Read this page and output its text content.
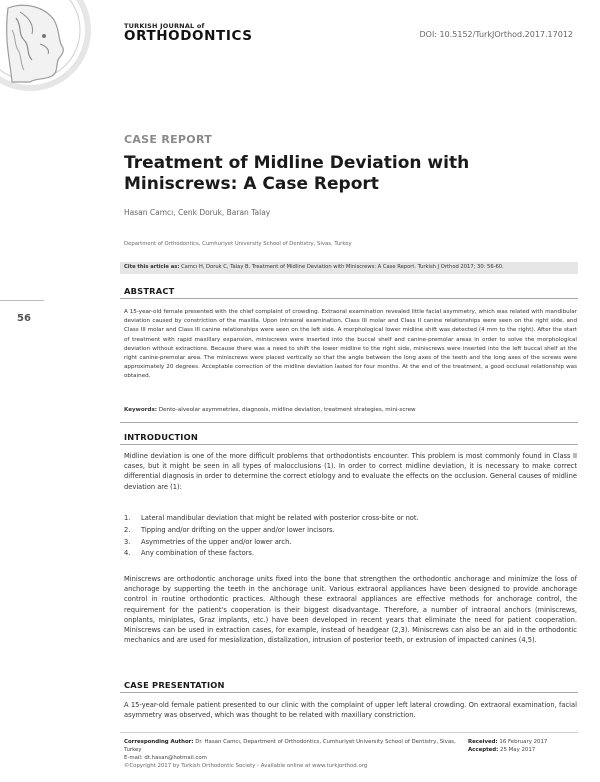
TURKISH JOURNAL of
ORTHODONTICS	DOI: 10.5152/TurkJOrthod.2017.17012
56
CASE REPORT
Treatment of Midline Deviation with Miniscrews: A Case Report
Hasan Camcı, Cenk Doruk, Baran Talay
Department of Orthodontics, Cumhuriyet University School of Dentistry, Sivas, Turkey
Cite this article as: Camcı H, Doruk C, Talay B. Treatment of Midline Deviation with Miniscrews: A Case Report. Turkish J Orthod 2017; 30: 56-60.
ABSTRACT

A 15-year-old female presented with the chief complaint of crowding. Extraoral examination revealed little facial asymmetry, which was related with mandibular deviation caused by constriction of the maxilla. Upon intraoral examination, Class III molar and Class II canine relationships were seen on the right side, and Class III molar and Class III canine relationships were seen on the left side. A morphological lower midline shift was detected (4 mm to the right). After the start of treatment with rapid maxillary expansion, miniscrews were inserted into the buccal shelf and canine-premolar areas in order to solve the morphological deviation without extractions. Because there was a need to shift the lower midline to the right side, miniscrews were inserted into the left buccal shelf at the right canine-premolar area. The miniscrews were placed vertically so that the angle between the long axes of the teeth and the long axes of the screws were approximately 20 degrees. Acceptable correction of the midline deviation lasted for four months. At the end of the treatment, a good occlusal relationship was obtained.

Keywords: Dento-alveolar asymmetries, diagnosis, midline deviation, treatment strategies, mini-screw
INTRODUCTION

Midline deviation is one of the more difficult problems that orthodontists encounter. This problem is most commonly found in Class II cases, but it might be seen in all types of malocclusions (1). In order to correct midline deviation, it is necessary to make correct differential diagnosis in order to determine the correct etiology and to evaluate the effects on the occlusion. General causes of midline deviation are (1):

1.	Lateral mandibular deviation that might be related with posterior cross-bite or not.
2.	Tipping and/or drifting on the upper and/or lower incisors.
3.	Asymmetries of the upper and/or lower arch.
4.	Any combination of these factors.

Miniscrews are orthodontic anchorage units fixed into the bone that strengthen the orthodontic anchorage and minimize the loss of anchorage by supporting the teeth in the anchorage unit. Various extraoral appliances have been designed to provide anchorage control in routine orthodontic practices. Although these extraoral appliances are effective methods for anchorage control, the requirement for the patient's cooperation is their biggest disadvantage. Therefore, a number of intraoral anchors (miniscrews, onplants, miniplates, Graz implants, etc.) have been developed in recent years that eliminate the need for patient cooperation. Miniscrews can be used in extraction cases, for example, instead of headgear (2,3). Miniscrews can also be an aid in the orthodontic mechanics and are used for mesialization, distalization, intrusion of posterior teeth, or extrusion of impacted canines (4,5).

CASE PRESENTATION

A 15-year-old female patient presented to our clinic with the complaint of upper left lateral crowding. On extraoral examination, facial asymmetry was observed, which was thought to be related with maxillary constriction.

Corresponding Author: Dr. Hasan Camcı, Department of Orthodontics, Cumhuriyet University School of Dentistry, Sivas, Turkey
E-mail: dt.hasan@hotmail.com
Received: 16 February 2017
Accepted: 25 May 2017
©Copyright 2017 by Turkish Orthodontic Society - Available online at www.turkjorthod.org
